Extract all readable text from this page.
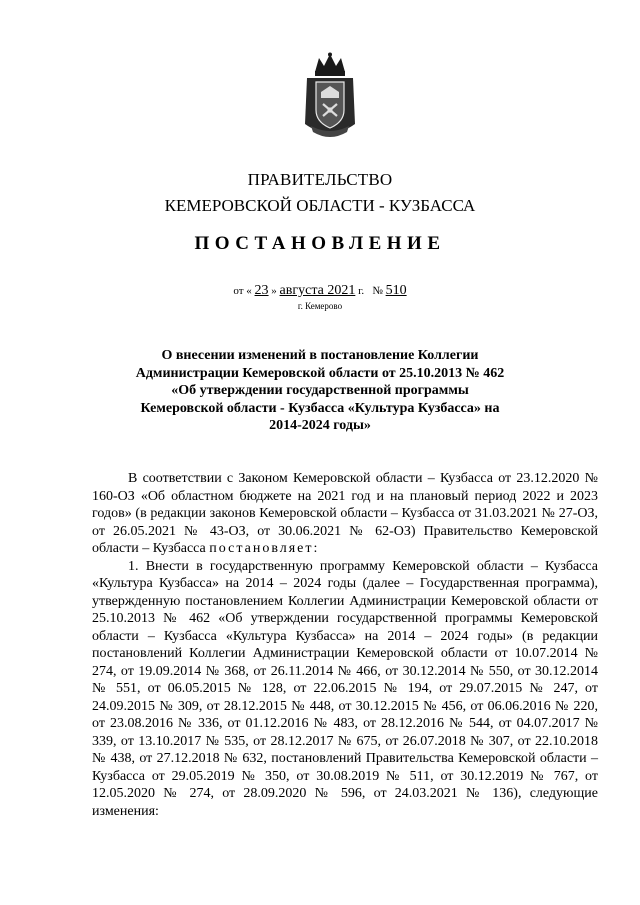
ПРАВИТЕЛЬСТВО
КЕМЕРОВСКОЙ ОБЛАСТИ - КУЗБАССА
ПОСТАНОВЛЕНИЕ
от « 23 » августа 2021 г. № 510
г. Кемерово
О внесении изменений в постановление Коллегии Администрации Кемеровской области от 25.10.2013 № 462 «Об утверждении государственной программы Кемеровской области - Кузбасса «Культура Кузбасса» на 2014-2024 годы»

В соответствии с Законом Кемеровской области – Кузбасса от 23.12.2020 № 160-ОЗ «Об областном бюджете на 2021 год и на плановый период 2022 и 2023 годов» (в редакции законов Кемеровской области – Кузбасса от 31.03.2021 № 27-ОЗ, от 26.05.2021 № 43-ОЗ, от 30.06.2021 № 62-ОЗ) Правительство Кемеровской области – Кузбасса постановляет:

1. Внести в государственную программу Кемеровской области – Кузбасса «Культура Кузбасса» на 2014 – 2024 годы (далее – Государственная программа), утвержденную постановлением Коллегии Администрации Кемеровской области от 25.10.2013 № 462 «Об утверждении государственной программы Кемеровской области – Кузбасса «Культура Кузбасса» на 2014 – 2024 годы» (в редакции постановлений Коллегии Администрации Кемеровской области от 10.07.2014 № 274, от 19.09.2014 № 368, от 26.11.2014 № 466, от 30.12.2014 № 550, от 30.12.2014 № 551, от 06.05.2015 № 128, от 22.06.2015 № 194, от 29.07.2015 № 247, от 24.09.2015 № 309, от 28.12.2015 № 448, от 30.12.2015 № 456, от 06.06.2016 № 220, от 23.08.2016 № 336, от 01.12.2016 № 483, от 28.12.2016 № 544, от 04.07.2017 № 339, от 13.10.2017 № 535, от 28.12.2017 № 675, от 26.07.2018 № 307, от 22.10.2018 № 438, от 27.12.2018 № 632, постановлений Правительства Кемеровской области – Кузбасса от 29.05.2019 № 350, от 30.08.2019 № 511, от 30.12.2019 № 767, от 12.05.2020 № 274, от 28.09.2020 № 596, от 24.03.2021 № 136), следующие изменения:
